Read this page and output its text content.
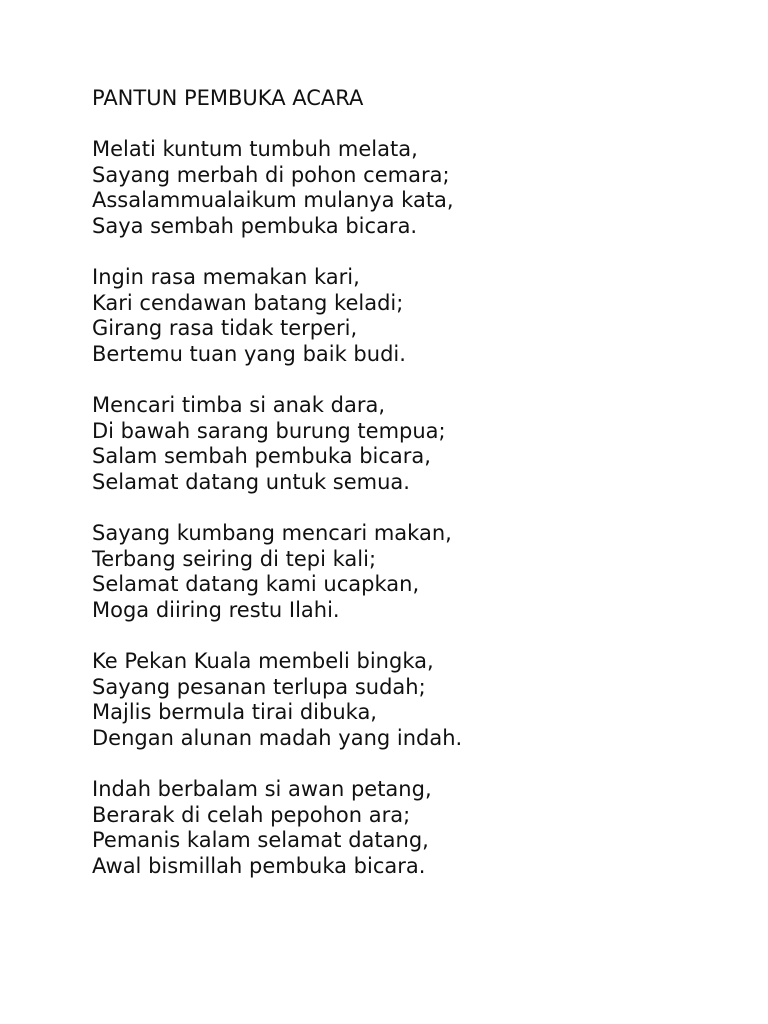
PANTUN PEMBUKA ACARA
Melati kuntum tumbuh melata,
Sayang merbah di pohon cemara;
Assalammualaikum mulanya kata,
Saya sembah pembuka bicara.
Ingin rasa memakan kari,
Kari cendawan batang keladi;
Girang rasa tidak terperi,
Bertemu tuan yang baik budi.
Mencari timba si anak dara,
Di bawah sarang burung tempua;
Salam sembah pembuka bicara,
Selamat datang untuk semua.
Sayang kumbang mencari makan,
Terbang seiring di tepi kali;
Selamat datang kami ucapkan,
Moga diiring restu Ilahi.
Ke Pekan Kuala membeli bingka,
Sayang pesanan terlupa sudah;
Majlis bermula tirai dibuka,
Dengan alunan madah yang indah.
Indah berbalam si awan petang,
Berarak di celah pepohon ara;
Pemanis kalam selamat datang,
Awal bismillah pembuka bicara.
